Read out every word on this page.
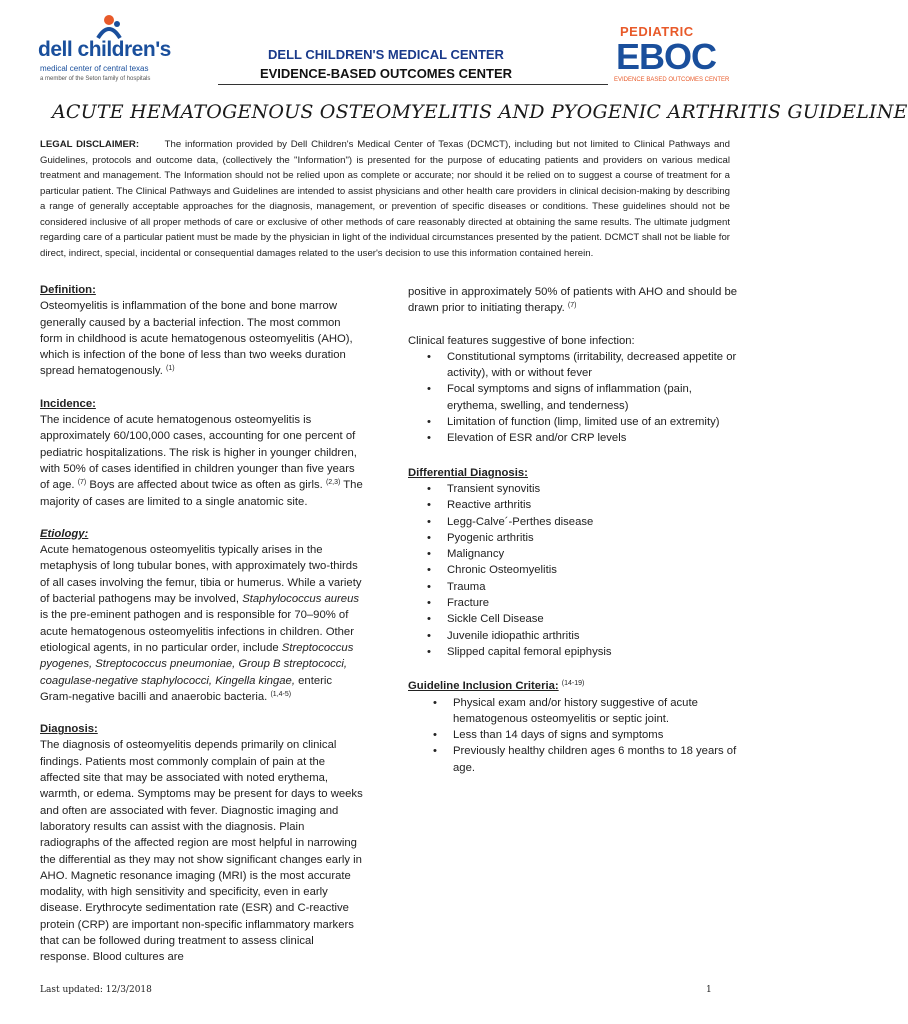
dell children's
medical center of central texas
a member of the Seton family of hospitals
DELL CHILDREN'S MEDICAL CENTER
EVIDENCE-BASED OUTCOMES CENTER
PEDIATRIC
EBOC
EVIDENCE BASED OUTCOMES CENTER
ACUTE HEMATOGENOUS OSTEOMYELITIS AND PYOGENIC ARTHRITIS GUIDELINE
LEGAL DISCLAIMER:	The information provided by Dell Children's Medical Center of Texas (DCMCT), including but not limited to Clinical Pathways and Guidelines, protocols and outcome data, (collectively the "Information") is presented for the purpose of educating patients and providers on various medical treatment and management. The Information should not be relied upon as complete or accurate; nor should it be relied on to suggest a course of treatment for a particular patient. The Clinical Pathways and Guidelines are intended to assist physicians and other health care providers in clinical decision-making by describing a range of generally acceptable approaches for the diagnosis, management, or prevention of specific diseases or conditions. These guidelines should not be considered inclusive of all proper methods of care or exclusive of other methods of care reasonably directed at obtaining the same results. The ultimate judgment regarding care of a particular patient must be made by the physician in light of the individual circumstances presented by the patient. DCMCT shall not be liable for direct, indirect, special, incidental or consequential damages related to the user's decision to use this information contained herein.
Definition:
Osteomyelitis is inflammation of the bone and bone marrow generally caused by a bacterial infection. The most common form in childhood is acute hematogenous osteomyelitis (AHO), which is infection of the bone of less than two weeks duration spread hematogenously. $^{(1)}$
Incidence:
The incidence of acute hematogenous osteomyelitis is approximately 60/100,000 cases, accounting for one percent of pediatric hospitalizations. The risk is higher in younger children, with 50% of cases identified in children younger than five years of age. $^{(7)}$ Boys are affected about twice as often as girls. $^{(2,3)}$ The majority of cases are limited to a single anatomic site.
Etiology:
Acute hematogenous osteomyelitis typically arises in the metaphysis of long tubular bones, with approximately two-thirds of all cases involving the femur, tibia or humerus. While a variety of bacterial pathogens may be involved, Staphylococcus aureus is the pre-eminent pathogen and is responsible for 70–90% of acute hematogenous osteomyelitis infections in children. Other etiological agents, in no particular order, include Streptococcus pyogenes, Streptococcus pneumoniae, Group B streptococci, coagulase-negative staphylococci, Kingella kingae, enteric Gram-negative bacilli and anaerobic bacteria. $^{(1,4-5)}$
Diagnosis:
The diagnosis of osteomyelitis depends primarily on clinical findings. Patients most commonly complain of pain at the affected site that may be associated with noted erythema, warmth, or edema. Symptoms may be present for days to weeks and often are associated with fever. Diagnostic imaging and laboratory results can assist with the diagnosis. Plain radiographs of the affected region are most helpful in narrowing the differential as they may not show significant changes early in AHO. Magnetic resonance imaging (MRI) is the most accurate modality, with high sensitivity and specificity, even in early disease. Erythrocyte sedimentation rate (ESR) and C-reactive protein (CRP) are important non-specific inflammatory markers that can be followed during treatment to assess clinical response. Blood cultures are
positive in approximately 50% of patients with AHO and should be drawn prior to initiating therapy. $^{(7)}$
Clinical features suggestive of bone infection:
• Constitutional symptoms (irritability, decreased appetite or activity), with or without fever
• Focal symptoms and signs of inflammation (pain, erythema, swelling, and tenderness)
• Limitation of function (limp, limited use of an extremity)
• Elevation of ESR and/or CRP levels
Differential Diagnosis:
• Transient synovitis
• Reactive arthritis
• Legg-Calve´-Perthes disease
• Pyogenic arthritis
• Malignancy
• Chronic Osteomyelitis
• Trauma
• Fracture
• Sickle Cell Disease
• Juvenile idiopathic arthritis
• Slipped capital femoral epiphysis
Guideline Inclusion Criteria: $^{(14-19)}$
• Physical exam and/or history suggestive of acute hematogenous osteomyelitis or septic joint.
• Less than 14 days of signs and symptoms
• Previously healthy children ages 6 months to 18 years of age.
Last updated: 12/3/2018	1
